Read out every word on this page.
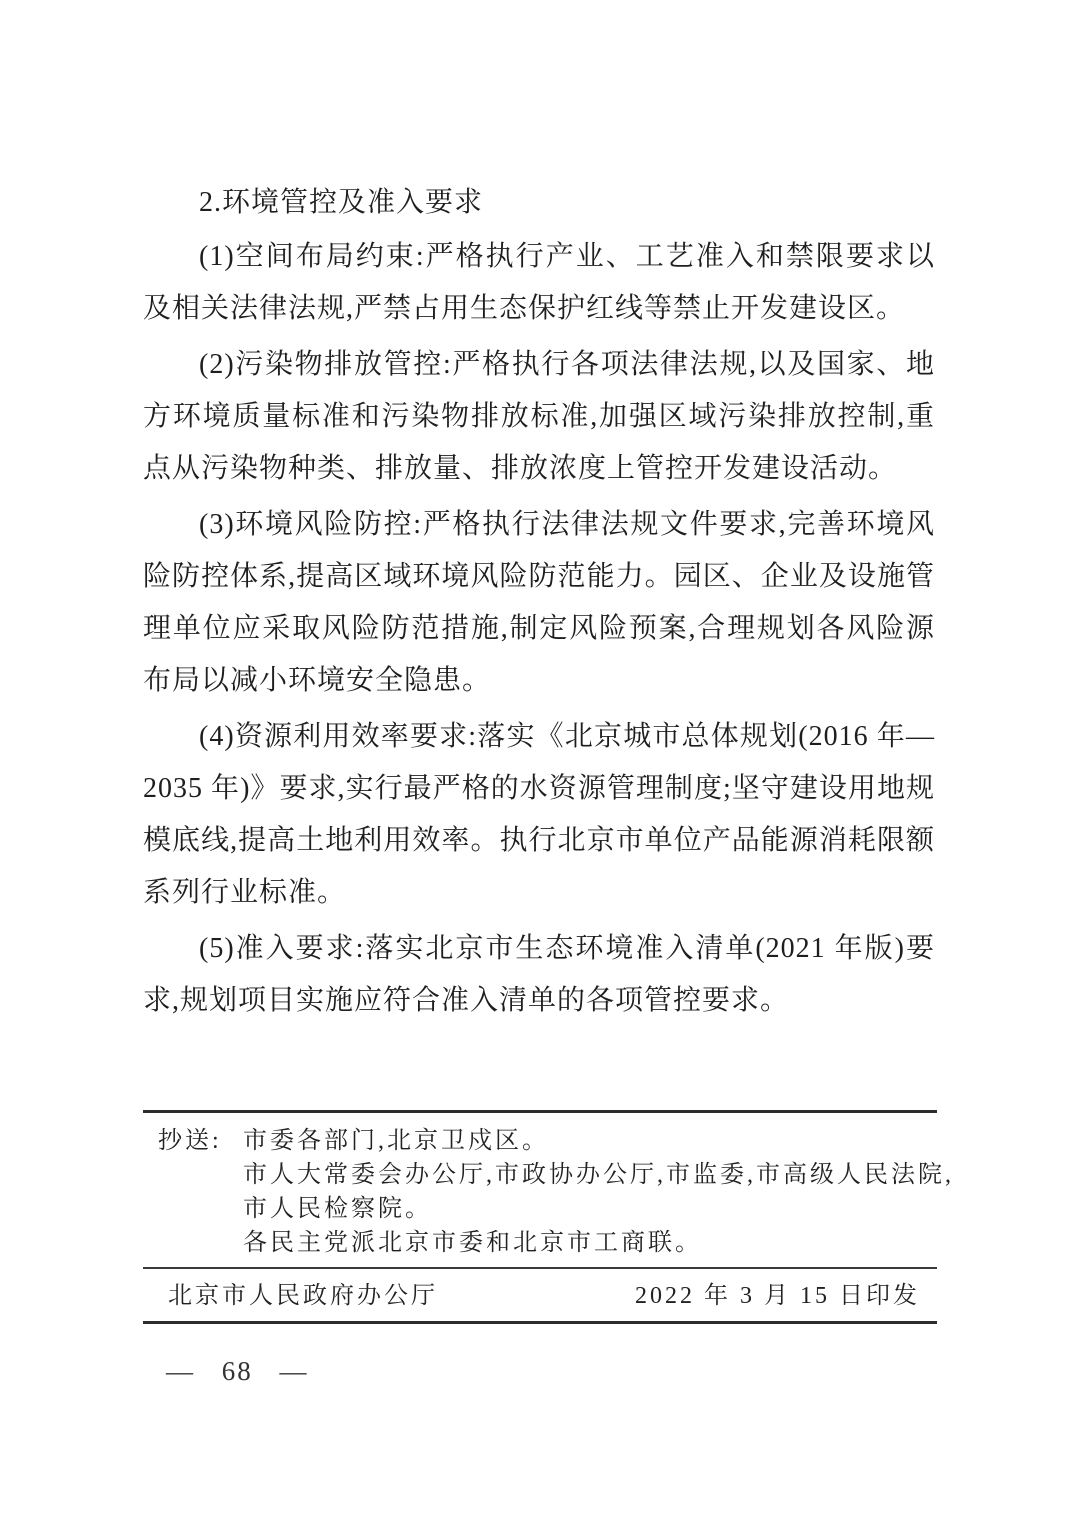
2.环境管控及准入要求

(1)空间布局约束:严格执行产业、工艺准入和禁限要求以及相关法律法规,严禁占用生态保护红线等禁止开发建设区。

(2)污染物排放管控:严格执行各项法律法规,以及国家、地方环境质量标准和污染物排放标准,加强区域污染排放控制,重点从污染物种类、排放量、排放浓度上管控开发建设活动。

(3)环境风险防控:严格执行法律法规文件要求,完善环境风险防控体系,提高区域环境风险防范能力。园区、企业及设施管理单位应采取风险防范措施,制定风险预案,合理规划各风险源布局以减小环境安全隐患。

(4)资源利用效率要求:落实《北京城市总体规划(2016 年—2035 年)》要求,实行最严格的水资源管理制度;坚守建设用地规模底线,提高土地利用效率。执行北京市单位产品能源消耗限额系列行业标准。

(5)准入要求:落实北京市生态环境准入清单(2021 年版)要求,规划项目实施应符合准入清单的各项管控要求。

抄送: 市委各部门,北京卫戍区。
市人大常委会办公厅,市政协办公厅,市监委,市高级人民法院,
市人民检察院。
各民主党派北京市委和北京市工商联。
北京市人民政府办公厅	2022 年 3 月 15 日印发
— 68 —
